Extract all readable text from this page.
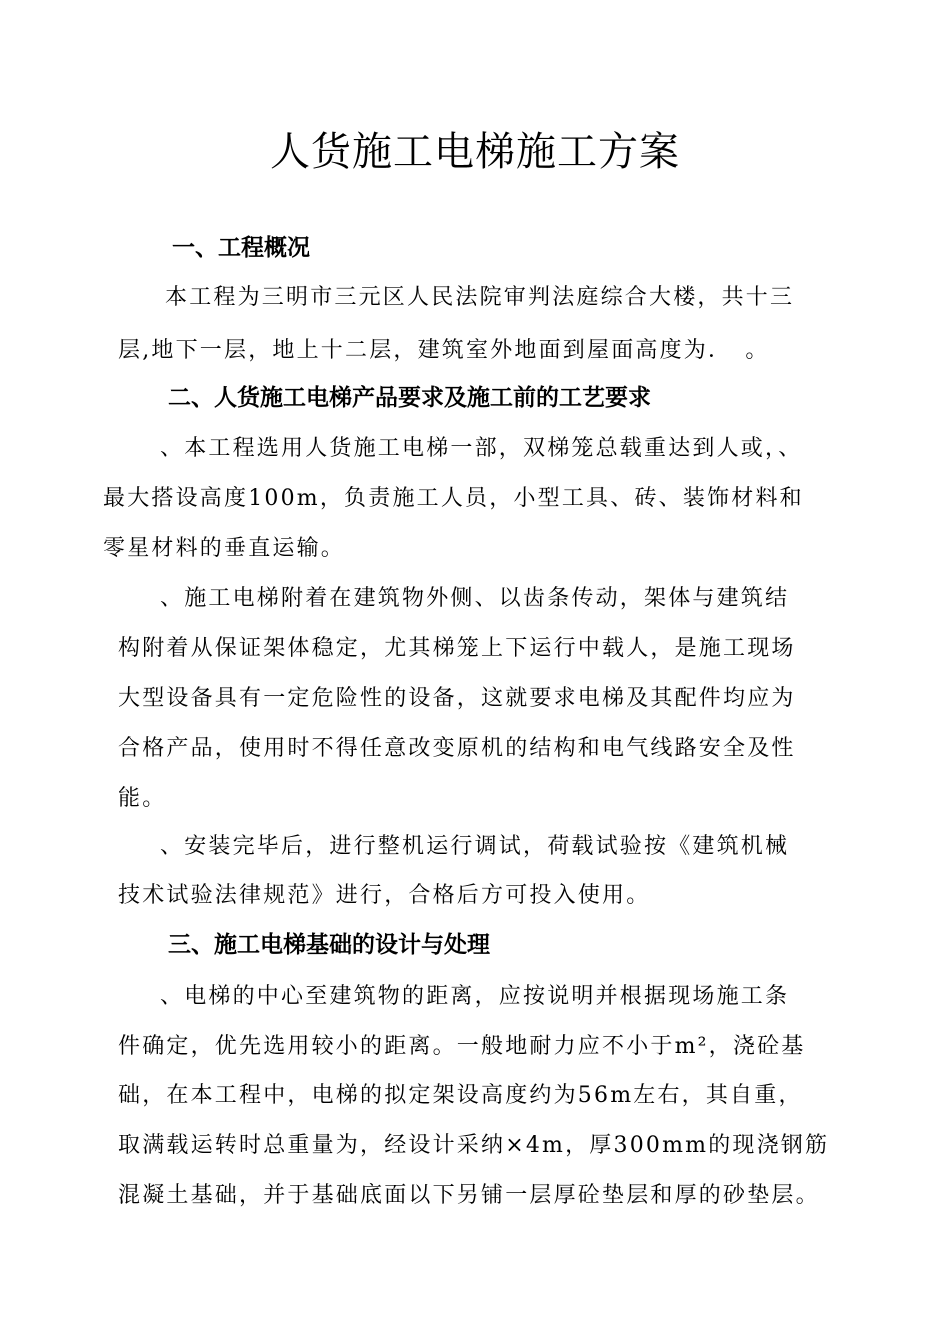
人货施工电梯施工方案
一、工程概况

本工程为三明市三元区人民法院审判法庭综合大楼，共十三

层,地下一层，地上十二层，建筑室外地面到屋面高度为．　。

二、人货施工电梯产品要求及施工前的工艺要求

、本工程选用人货施工电梯一部，双梯笼总载重达到人或，、

最大搭设高度100m，负责施工人员，小型工具、砖、装饰材料和

零星材料的垂直运输。

、施工电梯附着在建筑物外侧、以齿条传动，架体与建筑结

构附着从保证架体稳定，尤其梯笼上下运行中载人，是施工现场

大型设备具有一定危险性的设备，这就要求电梯及其配件均应为

合格产品，使用时不得任意改变原机的结构和电气线路安全及性

能。

、安装完毕后，进行整机运行调试，荷载试验按《建筑机械

技术试验法律规范》进行，合格后方可投入使用。

三、施工电梯基础的设计与处理

、电梯的中心至建筑物的距离，应按说明并根据现场施工条

件确定，优先选用较小的距离。一般地耐力应不小于m²，浇砼基

础，在本工程中，电梯的拟定架设高度约为56m左右，其自重，

取满载运转时总重量为，经设计采纳×4m，厚300mm的现浇钢筋

混凝土基础，并于基础底面以下另铺一层厚砼垫层和厚的砂垫层。
